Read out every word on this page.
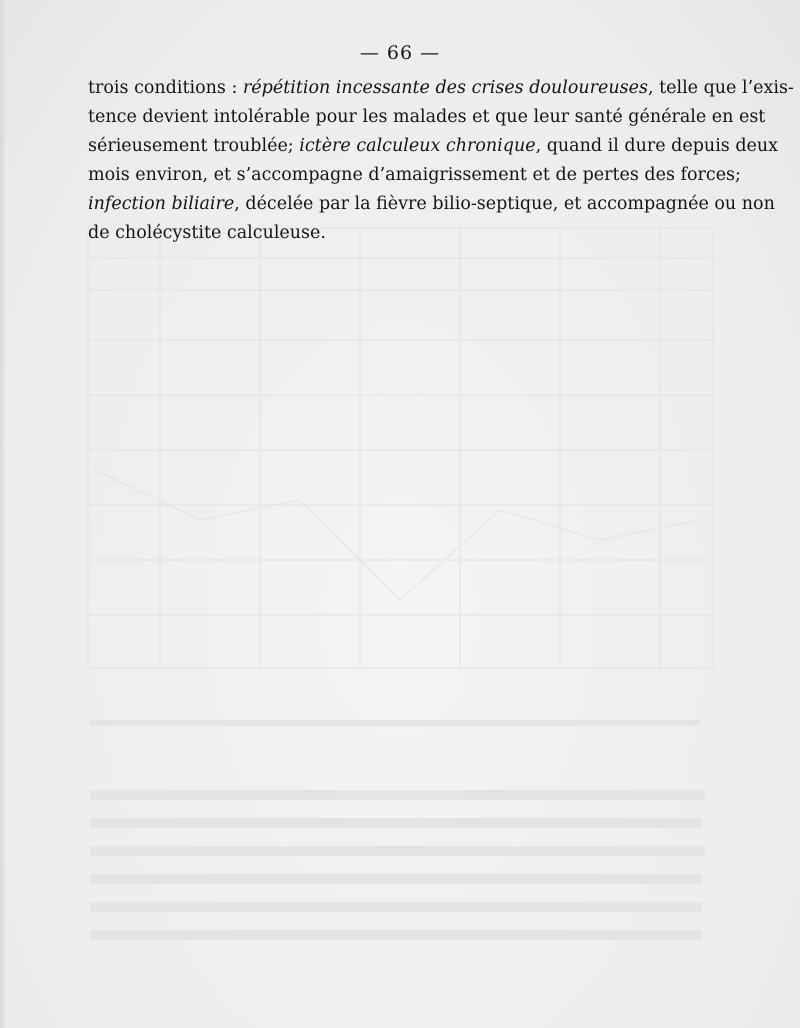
— 66 —
trois conditions : répétition incessante des crises douloureuses, telle que l’exis-
tence devient intolérable pour les malades et que leur santé générale en est
sérieusement troublée; ictère calculeux chronique, quand il dure depuis deux
mois environ, et s’accompagne d’amaigrissement et de pertes des forces;
infection biliaire, décelée par la fièvre bilio-septique, et accompagnée ou non
de cholécystite calculeuse.
